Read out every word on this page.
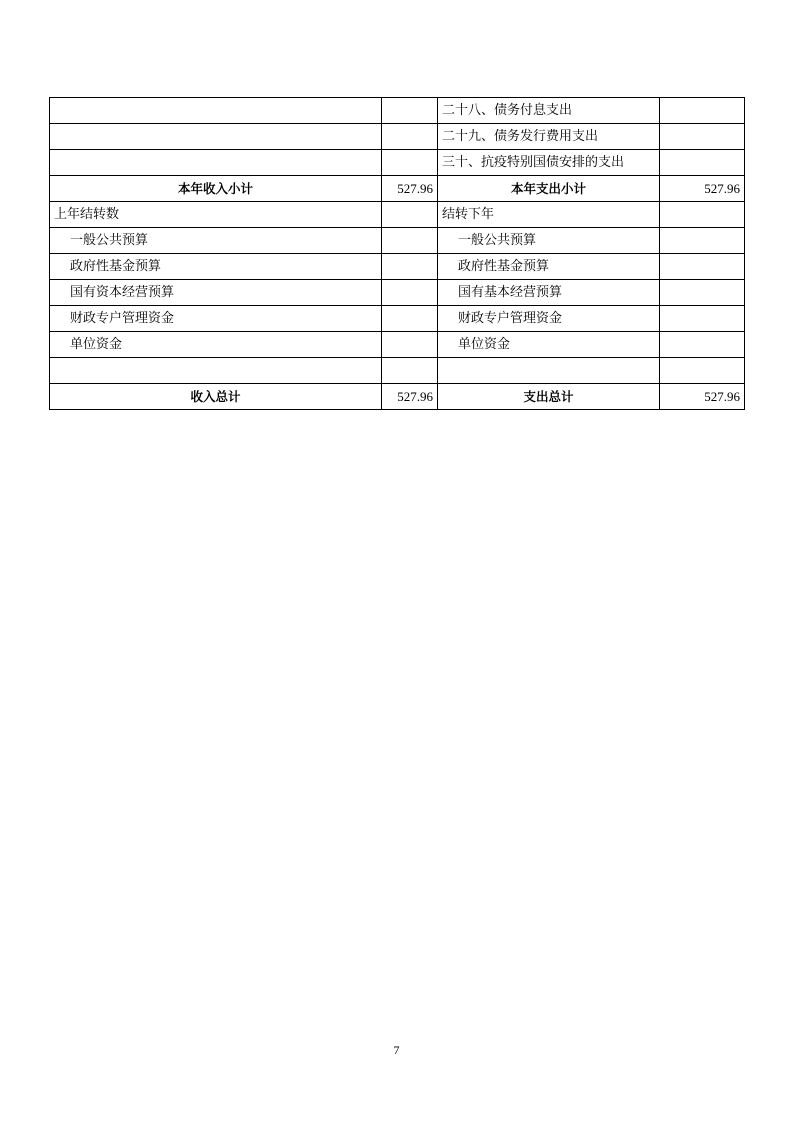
		二十八、债务付息支出	
		二十九、债务发行费用支出	
		三十、抗疫特别国债安排的支出	
本年收入小计	527.96	本年支出小计	527.96
上年结转数		结转下年	
一般公共预算		一般公共预算	
政府性基金预算		政府性基金预算	
国有资本经营预算		国有基本经营预算	
财政专户管理资金		财政专户管理资金	
单位资金		单位资金	

收入总计	527.96	支出总计	527.96
7
